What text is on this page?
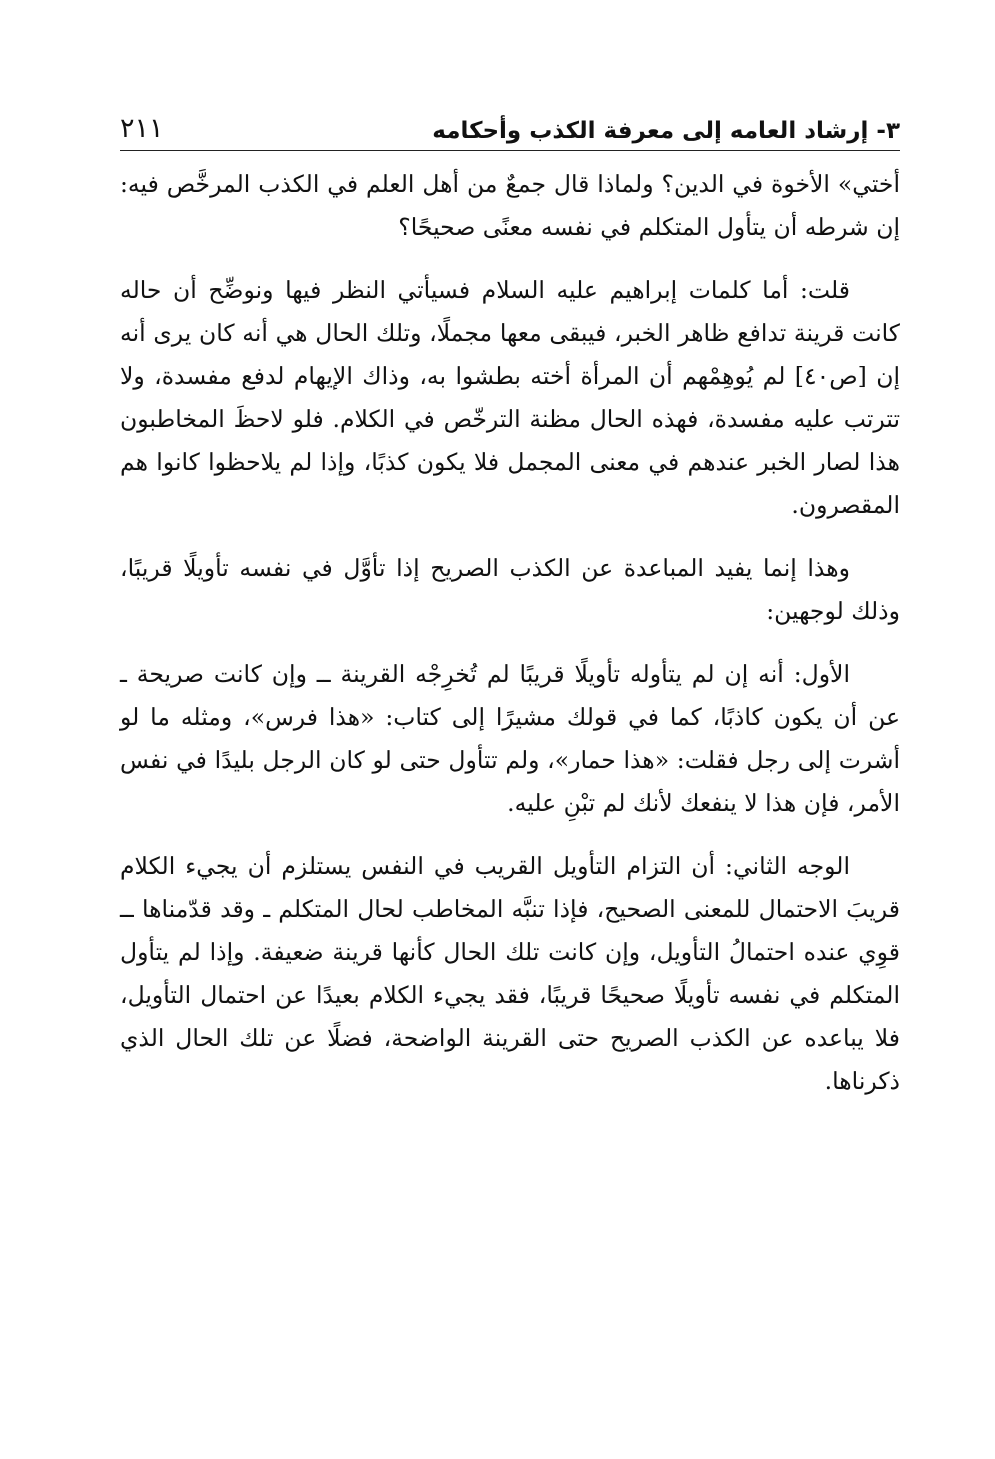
٣- إرشاد العامه إلى معرفة الكذب وأحكامه
٢١١

أختي» الأخوة في الدين؟ ولماذا قال جمعٌ من أهل العلم في الكذب المرخَّص فيه: إن شرطه أن يتأول المتكلم في نفسه معنًى صحيحًا؟

قلت: أما كلمات إبراهيم عليه السلام فسيأتي النظر فيها ونوضِّح أن حاله كانت قرينة تدافع ظاهر الخبر، فيبقى معها مجملًا، وتلك الحال هي أنه كان يرى أنه إن [ص٤٠] لم يُوهِمْهم أن المرأة أخته بطشوا به، وذاك الإيهام لدفع مفسدة، ولا تترتب عليه مفسدة، فهذه الحال مظنة الترخّص في الكلام. فلو لاحظَ المخاطبون هذا لصار الخبر عندهم في معنى المجمل فلا يكون كذبًا، وإذا لم يلاحظوا كانوا هم المقصرون.

وهذا إنما يفيد المباعدة عن الكذب الصريح إذا تأوَّل في نفسه تأويلًا قريبًا، وذلك لوجهين:

الأول: أنه إن لم يتأوله تأويلًا قريبًا لم تُخرِجْه القرينة ــ وإن كانت صريحة ـ عن أن يكون كاذبًا، كما في قولك مشيرًا إلى كتاب: «هذا فرس»، ومثله ما لو أشرت إلى رجل فقلت: «هذا حمار»، ولم تتأول حتى لو كان الرجل بليدًا في نفس الأمر، فإن هذا لا ينفعك لأنك لم تبْنِ عليه.

الوجه الثاني: أن التزام التأويل القريب في النفس يستلزم أن يجيء الكلام قريبَ الاحتمال للمعنى الصحيح، فإذا تنبَّه المخاطب لحال المتكلم ـ وقد قدّمناها ــ قوِي عنده احتمالُ التأويل، وإن كانت تلك الحال كأنها قرينة ضعيفة. وإذا لم يتأول المتكلم في نفسه تأويلًا صحيحًا قريبًا، فقد يجيء الكلام بعيدًا عن احتمال التأويل، فلا يباعده عن الكذب الصريح حتى القرينة الواضحة، فضلًا عن تلك الحال الذي ذكرناها.
